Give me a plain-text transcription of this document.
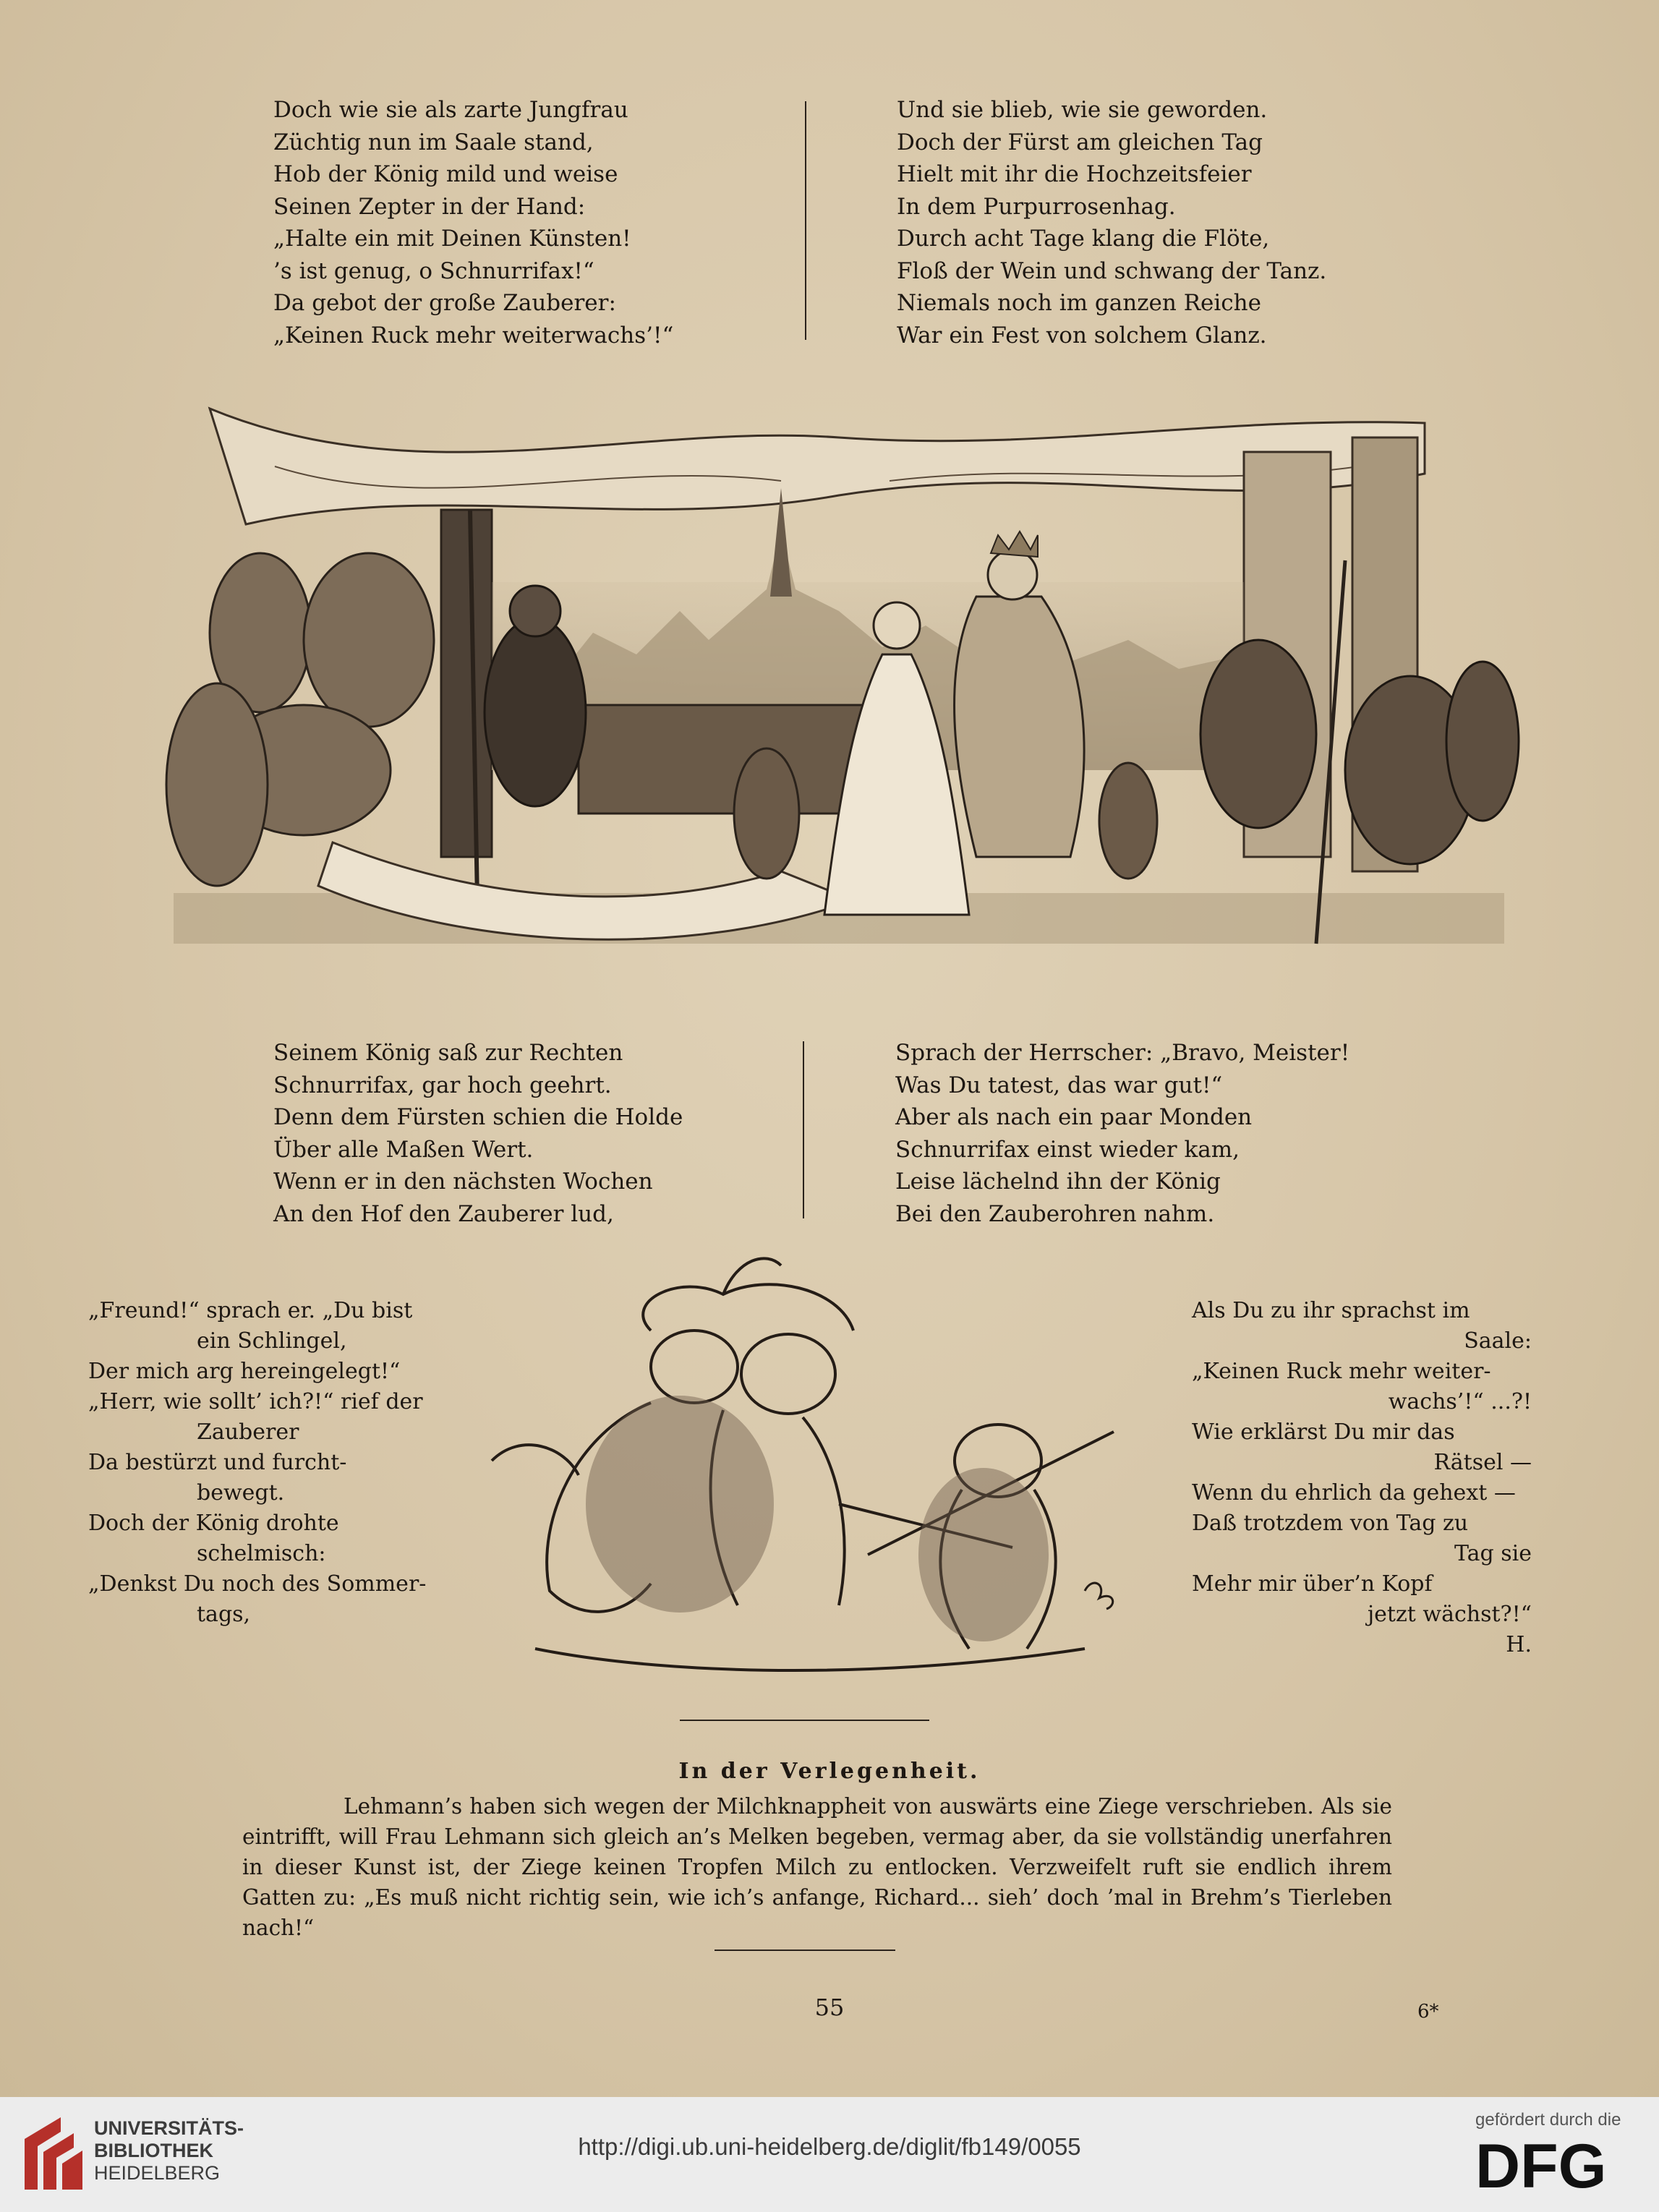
Doch wie sie als zarte Jungfrau
Züchtig nun im Saale stand,
Hob der König mild und weise
Seinen Zepter in der Hand:
„Halte ein mit Deinen Künsten!
’s ist genug, o Schnurrifax!“
Da gebot der große Zauberer:
„Keinen Ruck mehr weiterwachs’!“
Und sie blieb, wie sie geworden.
Doch der Fürst am gleichen Tag
Hielt mit ihr die Hochzeitsfeier
In dem Purpurrosenhag.
Durch acht Tage klang die Flöte,
Floß der Wein und schwang der Tanz.
Niemals noch im ganzen Reiche
War ein Fest von solchem Glanz.
Seinem König saß zur Rechten
Schnurrifax, gar hoch geehrt.
Denn dem Fürsten schien die Holde
Über alle Maßen Wert.
Wenn er in den nächsten Wochen
An den Hof den Zauberer lud,
Sprach der Herrscher: „Bravo, Meister!
Was Du tatest, das war gut!“
Aber als nach ein paar Monden
Schnurrifax einst wieder kam,
Leise lächelnd ihn der König
Bei den Zauberohren nahm.
„Freund!“ sprach er. „Du bist
ein Schlingel,
Der mich arg hereingelegt!“
„Herr, wie sollt’ ich?!“ rief der
Zauberer
Da bestürzt und furcht-
bewegt.
Doch der König drohte
schelmisch:
„Denkst Du noch des Sommer-
tags,
Als Du zu ihr sprachst im
Saale:
„Keinen Ruck mehr weiter-
wachs’!“ ...?!
Wie erklärst Du mir das
Rätsel —
Wenn du ehrlich da gehext —
Daß trotzdem von Tag zu
Tag sie
Mehr mir über’n Kopf
jetzt wächst?!“
H.
In der Verlegenheit.

Lehmann’s haben sich wegen der Milchknappheit von auswärts eine Ziege verschrieben. Als sie eintrifft, will Frau Lehmann sich gleich an’s Melken begeben, vermag aber, da sie vollständig unerfahren in dieser Kunst ist, der Ziege keinen Tropfen Milch zu entlocken. Verzweifelt ruft sie endlich ihrem Gatten zu: „Es muß nicht richtig sein, wie ich’s anfange, Richard... sieh’ doch ’mal in Brehm’s Tierleben nach!“

55	6*
UNIVERSITÄTS-
BIBLIOTHEK
HEIDELBERG
http://digi.ub.uni-heidelberg.de/diglit/fb149/0055
gefördert durch die
DFG
